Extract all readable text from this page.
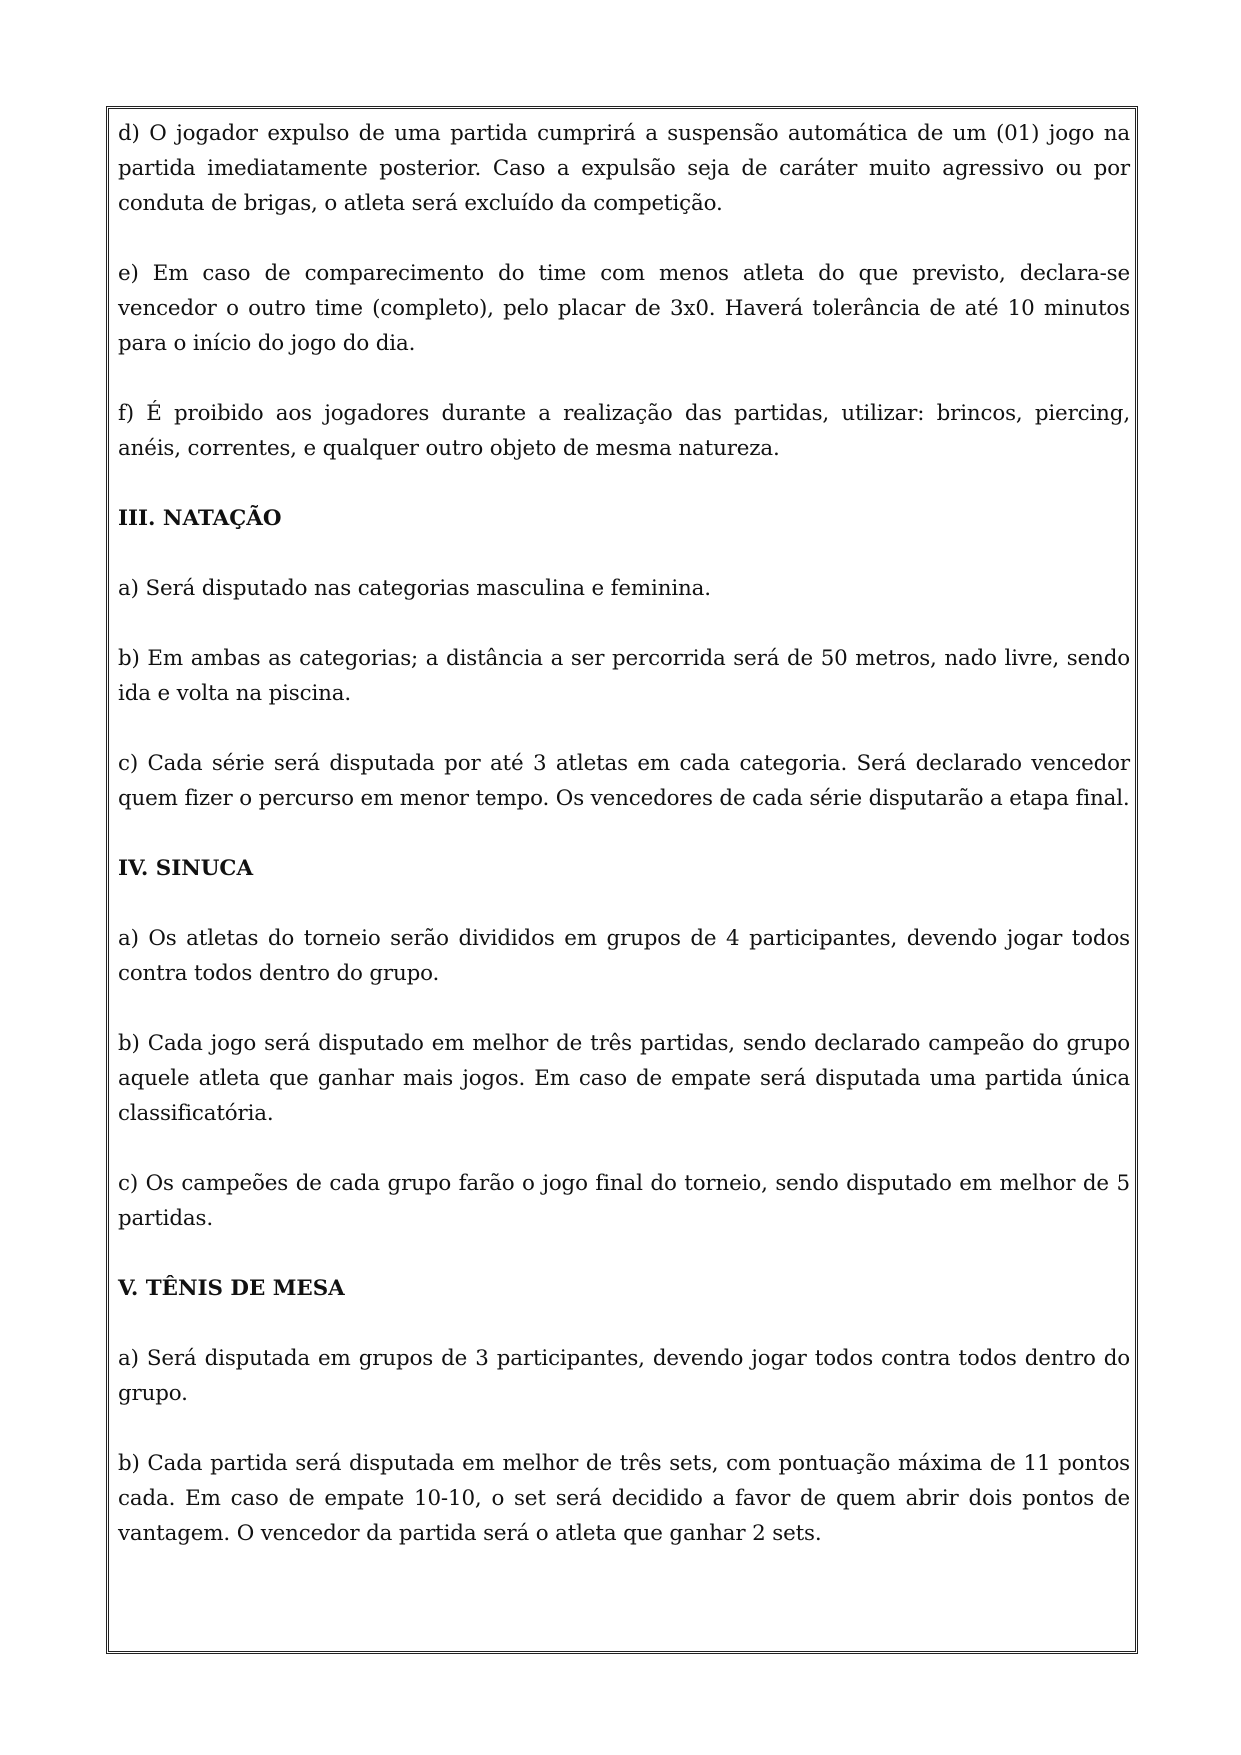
d) O jogador expulso de uma partida cumprirá a suspensão automática de um (01) jogo na partida imediatamente posterior. Caso a expulsão seja de caráter muito agressivo ou por conduta de brigas, o atleta será excluído da competição.

e) Em caso de comparecimento do time com menos atleta do que previsto, declara-se vencedor o outro time (completo), pelo placar de 3x0. Haverá tolerância de até 10 minutos para o início do jogo do dia.

f) É proibido aos jogadores durante a realização das partidas, utilizar: brincos, piercing, anéis, correntes, e qualquer outro objeto de mesma natureza.

III. NATAÇÃO

a) Será disputado nas categorias masculina e feminina.

b) Em ambas as categorias; a distância a ser percorrida será de 50 metros, nado livre, sendo ida e volta na piscina.

c) Cada série será disputada por até 3 atletas em cada categoria. Será declarado vencedor quem fizer o percurso em menor tempo. Os vencedores de cada série disputarão a etapa final.

IV. SINUCA

a) Os atletas do torneio serão divididos em grupos de 4 participantes, devendo jogar todos contra todos dentro do grupo.

b) Cada jogo será disputado em melhor de três partidas, sendo declarado campeão do grupo aquele atleta que ganhar mais jogos. Em caso de empate será disputada uma partida única classificatória.

c) Os campeões de cada grupo farão o jogo final do torneio, sendo disputado em melhor de 5 partidas.

V. TÊNIS DE MESA

a) Será disputada em grupos de 3 participantes, devendo jogar todos contra todos dentro do grupo.

b) Cada partida será disputada em melhor de três sets, com pontuação máxima de 11 pontos cada. Em caso de empate 10-10, o set será decidido a favor de quem abrir dois pontos de vantagem. O vencedor da partida será o atleta que ganhar 2 sets.
